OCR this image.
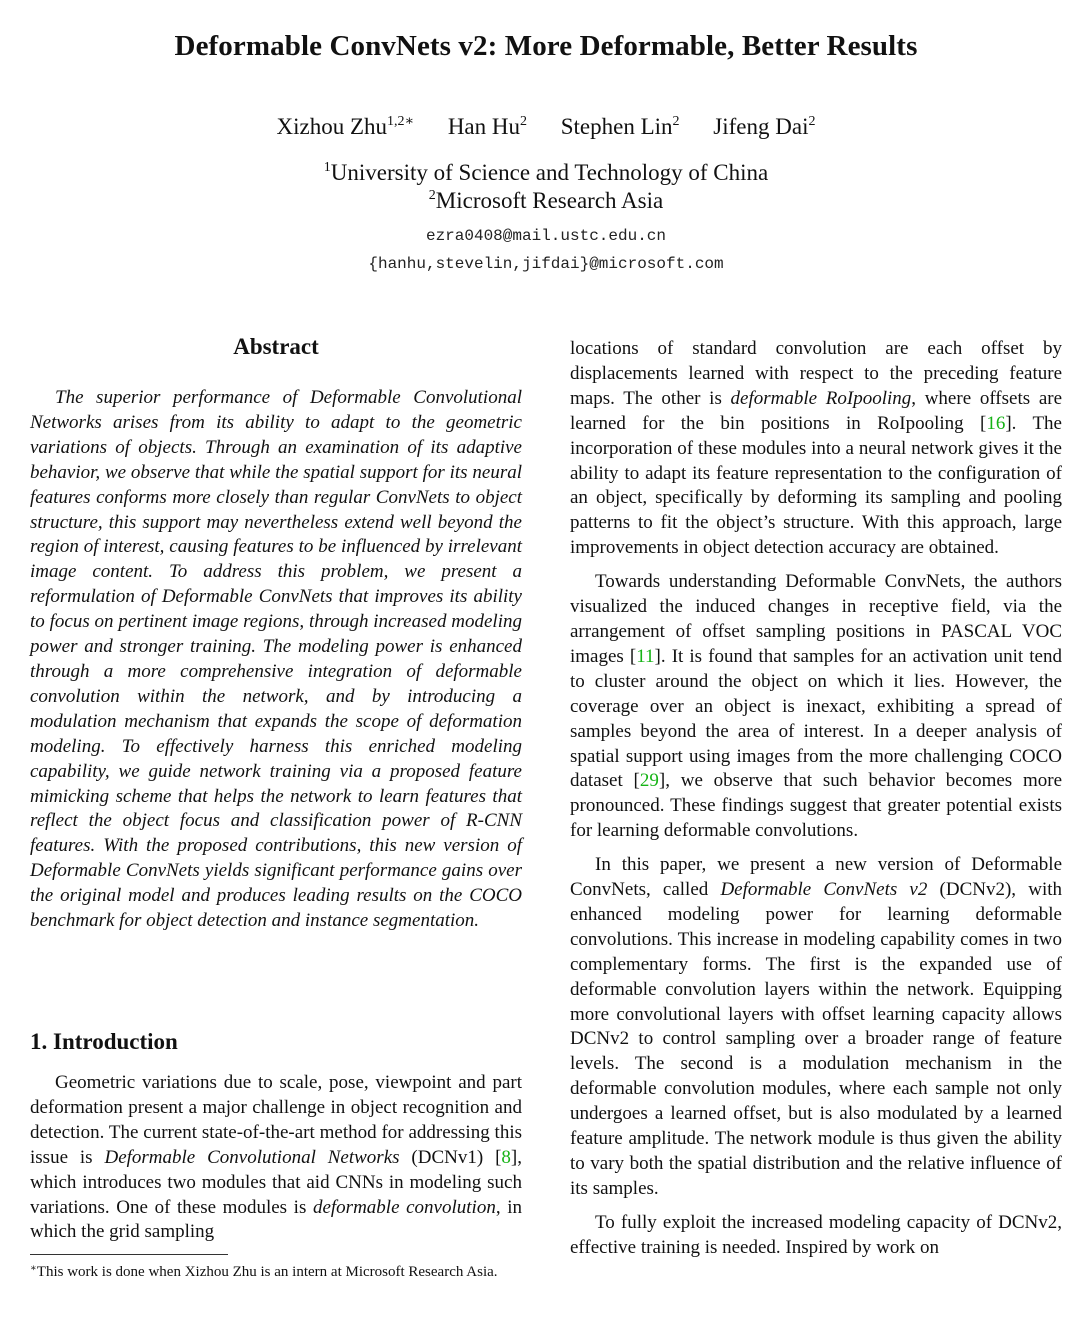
Deformable ConvNets v2: More Deformable, Better Results
Xizhou Zhu$^{1,2∗}$ Han Hu$^2$ Stephen Lin$^2$ Jifeng Dai$^2$
$^1$University of Science and Technology of China
$^2$Microsoft Research Asia
ezra0408@mail.ustc.edu.cn
{hanhu,stevelin,jifdai}@microsoft.com
Abstract

The superior performance of Deformable Convolutional Networks arises from its ability to adapt to the geometric variations of objects. Through an examination of its adaptive behavior, we observe that while the spatial support for its neural features conforms more closely than regular ConvNets to object structure, this support may nevertheless extend well beyond the region of interest, causing features to be influenced by irrelevant image content. To address this problem, we present a reformulation of Deformable ConvNets that improves its ability to focus on pertinent image regions, through increased modeling power and stronger training. The modeling power is enhanced through a more comprehensive integration of deformable convolution within the network, and by introducing a modulation mechanism that expands the scope of deformation modeling. To effectively harness this enriched modeling capability, we guide network training via a proposed feature mimicking scheme that helps the network to learn features that reflect the object focus and classification power of R-CNN features. With the proposed contributions, this new version of Deformable ConvNets yields significant performance gains over the original model and produces leading results on the COCO benchmark for object detection and instance segmentation.

1. Introduction

Geometric variations due to scale, pose, viewpoint and part deformation present a major challenge in object recognition and detection. The current state-of-the-art method for addressing this issue is Deformable Convolutional Networks (DCNv1) [8], which introduces two modules that aid CNNs in modeling such variations. One of these modules is deformable convolution, in which the grid sampling

locations of standard convolution are each offset by displacements learned with respect to the preceding feature maps. The other is deformable RoIpooling, where offsets are learned for the bin positions in RoIpooling [16]. The incorporation of these modules into a neural network gives it the ability to adapt its feature representation to the configuration of an object, specifically by deforming its sampling and pooling patterns to fit the object’s structure. With this approach, large improvements in object detection accuracy are obtained.

Towards understanding Deformable ConvNets, the authors visualized the induced changes in receptive field, via the arrangement of offset sampling positions in PASCAL VOC images [11]. It is found that samples for an activation unit tend to cluster around the object on which it lies. However, the coverage over an object is inexact, exhibiting a spread of samples beyond the area of interest. In a deeper analysis of spatial support using images from the more challenging COCO dataset [29], we observe that such behavior becomes more pronounced. These findings suggest that greater potential exists for learning deformable convolutions.

In this paper, we present a new version of Deformable ConvNets, called Deformable ConvNets v2 (DCNv2), with enhanced modeling power for learning deformable convolutions. This increase in modeling capability comes in two complementary forms. The first is the expanded use of deformable convolution layers within the network. Equipping more convolutional layers with offset learning capacity allows DCNv2 to control sampling over a broader range of feature levels. The second is a modulation mechanism in the deformable convolution modules, where each sample not only undergoes a learned offset, but is also modulated by a learned feature amplitude. The network module is thus given the ability to vary both the spatial distribution and the relative influence of its samples.

To fully exploit the increased modeling capacity of DCNv2, effective training is needed. Inspired by work on

∗This work is done when Xizhou Zhu is an intern at Microsoft Research Asia.
